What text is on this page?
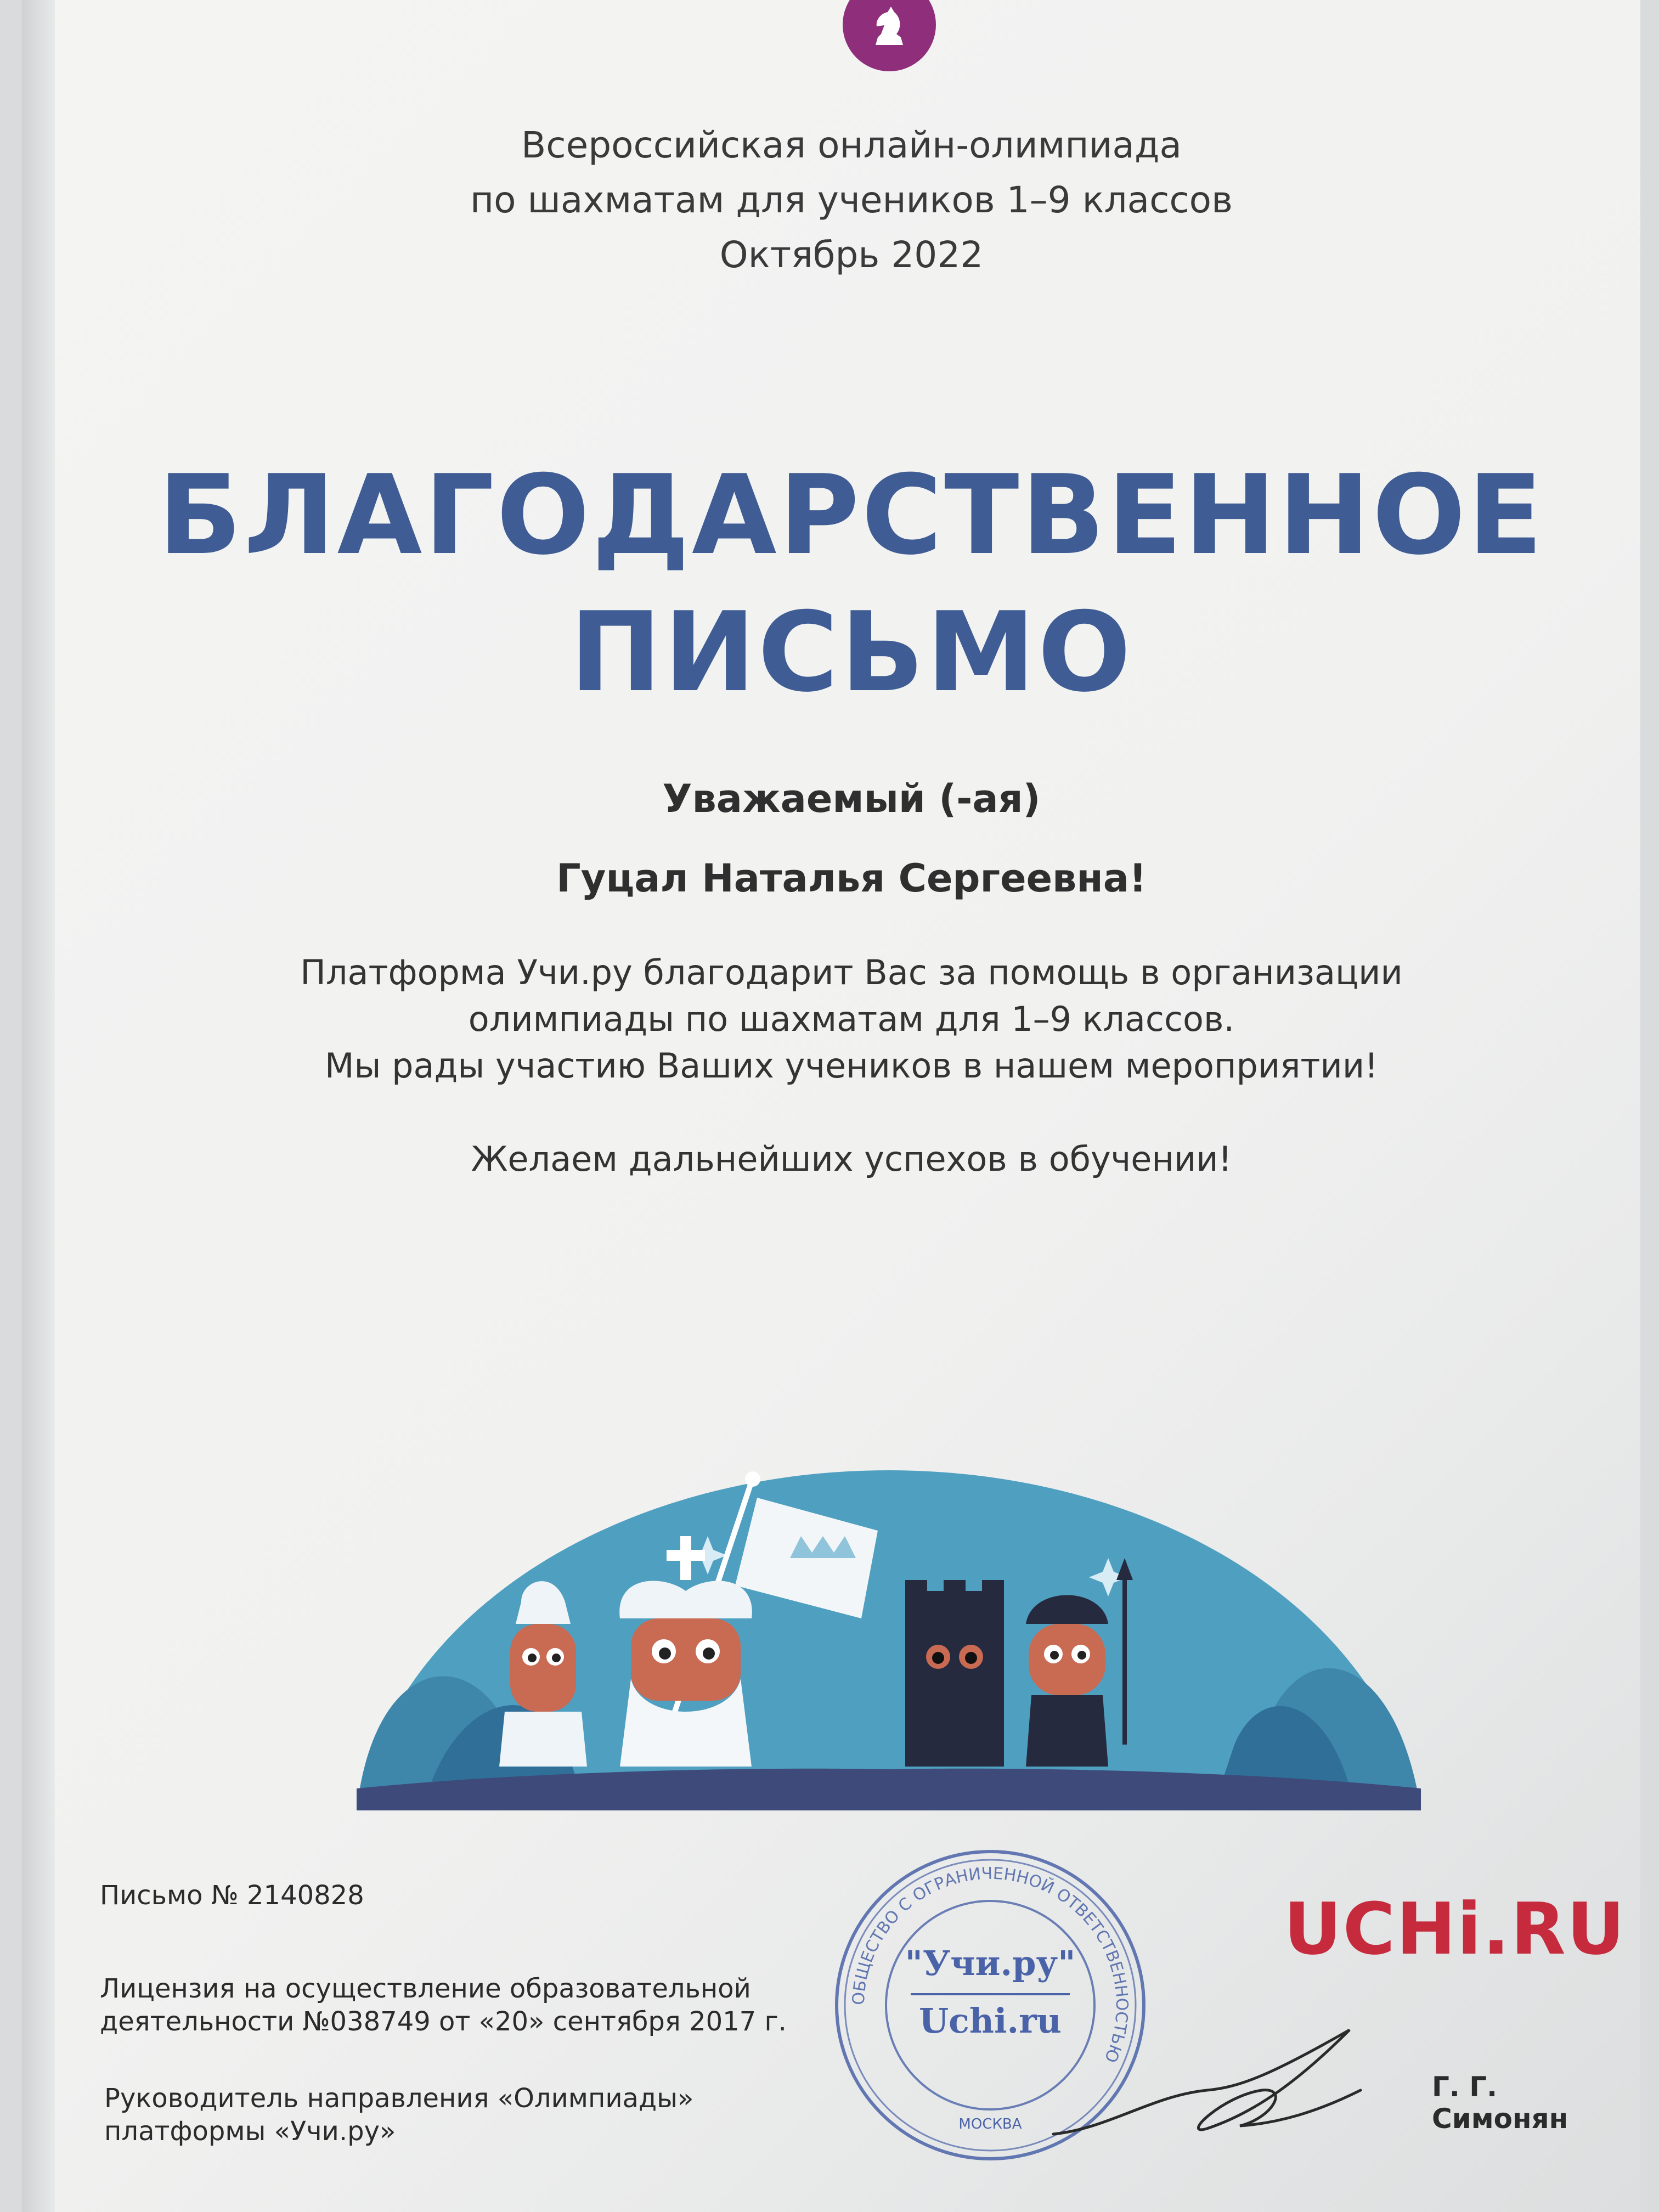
Всероссийская онлайн-олимпиада
по шахматам для учеников 1–9 классов
Октябрь 2022
БЛАГОДАРСТВЕННОЕ
ПИСЬМО
Уважаемый (-ая)
Гуцал Наталья Сергеевна!
Платформа Учи.ру благодарит Вас за помощь в организации
олимпиады по шахматам для 1–9 классов.
Мы рады участию Ваших учеников в нашем мероприятии!
Желаем дальнейших успехов в обучении!
Письмо № 2140828
Лицензия на осуществление образовательной
деятельности №038749 от «20» сентября 2017 г.
Руководитель направления «Олимпиады»
платформы «Учи.ру»
UCHi.RU
ОБЩЕСТВО С ОГРАНИЧЕННОЙ ОТВЕТСТВЕННОСТЬЮ
"Учи.ру"
Uchi.ru
МОСКВА
Г. Г. Симонян
